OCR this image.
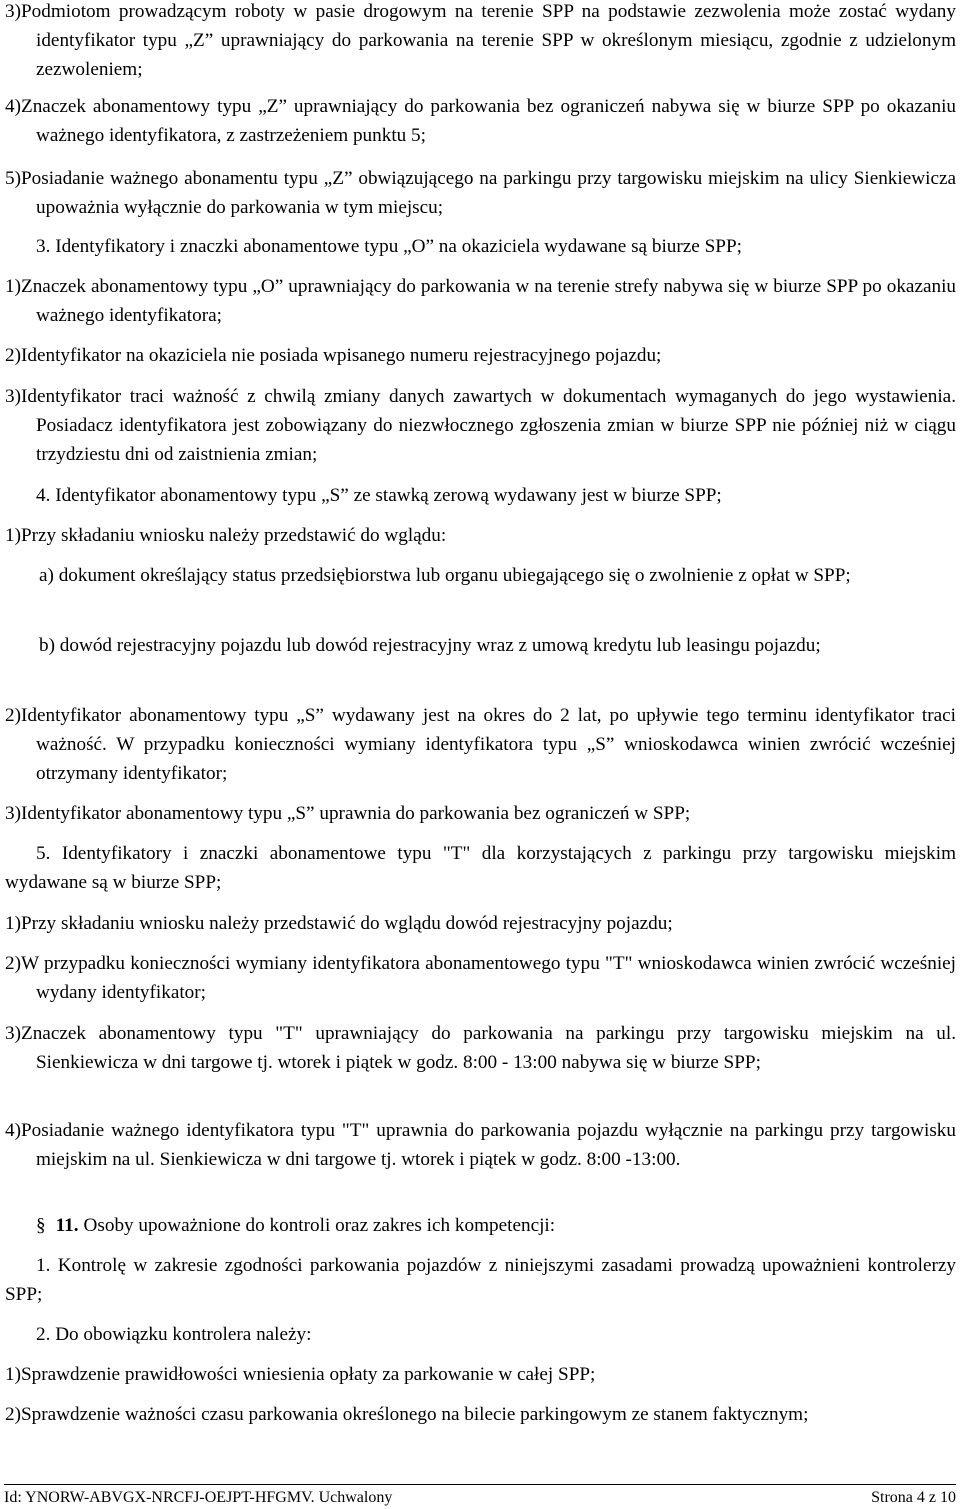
3)Podmiotom prowadzącym roboty w pasie drogowym na terenie SPP na podstawie zezwolenia może zostać wydany identyfikator typu „Z” uprawniający do parkowania na terenie SPP w określonym miesiącu, zgodnie z udzielonym zezwoleniem;

4)Znaczek abonamentowy typu „Z” uprawniający do parkowania bez ograniczeń nabywa się w biurze SPP po okazaniu ważnego identyfikatora, z zastrzeżeniem punktu 5;

5)Posiadanie ważnego abonamentu typu „Z” obwiązującego na parkingu przy targowisku miejskim na ulicy Sienkiewicza upoważnia wyłącznie do parkowania w tym miejscu;

3. Identyfikatory i znaczki abonamentowe typu „O” na okaziciela wydawane są biurze SPP;

1)Znaczek abonamentowy typu „O” uprawniający do parkowania w na terenie strefy nabywa się w biurze SPP po okazaniu ważnego identyfikatora;

2)Identyfikator na okaziciela nie posiada wpisanego numeru rejestracyjnego pojazdu;

3)Identyfikator traci ważność z chwilą zmiany danych zawartych w dokumentach wymaganych do jego wystawienia. Posiadacz identyfikatora jest zobowiązany do niezwłocznego zgłoszenia zmian w biurze SPP nie później niż w ciągu trzydziestu dni od zaistnienia zmian;

4. Identyfikator abonamentowy typu „S” ze stawką zerową wydawany jest w biurze SPP;

1)Przy składaniu wniosku należy przedstawić do wglądu:

a) dokument określający status przedsiębiorstwa lub organu ubiegającego się o zwolnienie z opłat w SPP;

b) dowód rejestracyjny pojazdu lub dowód rejestracyjny wraz z umową kredytu lub leasingu pojazdu;

2)Identyfikator abonamentowy typu „S” wydawany jest na okres do 2 lat, po upływie tego terminu identyfikator traci ważność. W przypadku konieczności wymiany identyfikatora typu „S” wnioskodawca winien zwrócić wcześniej otrzymany identyfikator;

3)Identyfikator abonamentowy typu „S” uprawnia do parkowania bez ograniczeń w SPP;

5. Identyfikatory i znaczki abonamentowe typu "T" dla korzystających z parkingu przy targowisku miejskim wydawane są w biurze SPP;

1)Przy składaniu wniosku należy przedstawić do wglądu dowód rejestracyjny pojazdu;

2)W przypadku konieczności wymiany identyfikatora abonamentowego typu "T" wnioskodawca winien zwrócić wcześniej wydany identyfikator;

3)Znaczek abonamentowy typu "T" uprawniający do parkowania na parkingu przy targowisku miejskim na ul. Sienkiewicza w dni targowe tj. wtorek i piątek w godz. 8:00 - 13:00 nabywa się w biurze SPP;

4)Posiadanie ważnego identyfikatora typu "T" uprawnia do parkowania pojazdu wyłącznie na parkingu przy targowisku miejskim na ul. Sienkiewicza w dni targowe tj. wtorek i piątek w godz. 8:00 -13:00.

§ 11. Osoby upoważnione do kontroli oraz zakres ich kompetencji:

1. Kontrolę w zakresie zgodności parkowania pojazdów z niniejszymi zasadami prowadzą upoważnieni kontrolerzy SPP;

2. Do obowiązku kontrolera należy:

1)Sprawdzenie prawidłowości wniesienia opłaty za parkowanie w całej SPP;

2)Sprawdzenie ważności czasu parkowania określonego na bilecie parkingowym ze stanem faktycznym;

Id: YNORW-ABVGX-NRCFJ-OEJPT-HFGMV. Uchwalony	Strona 4 z 10
